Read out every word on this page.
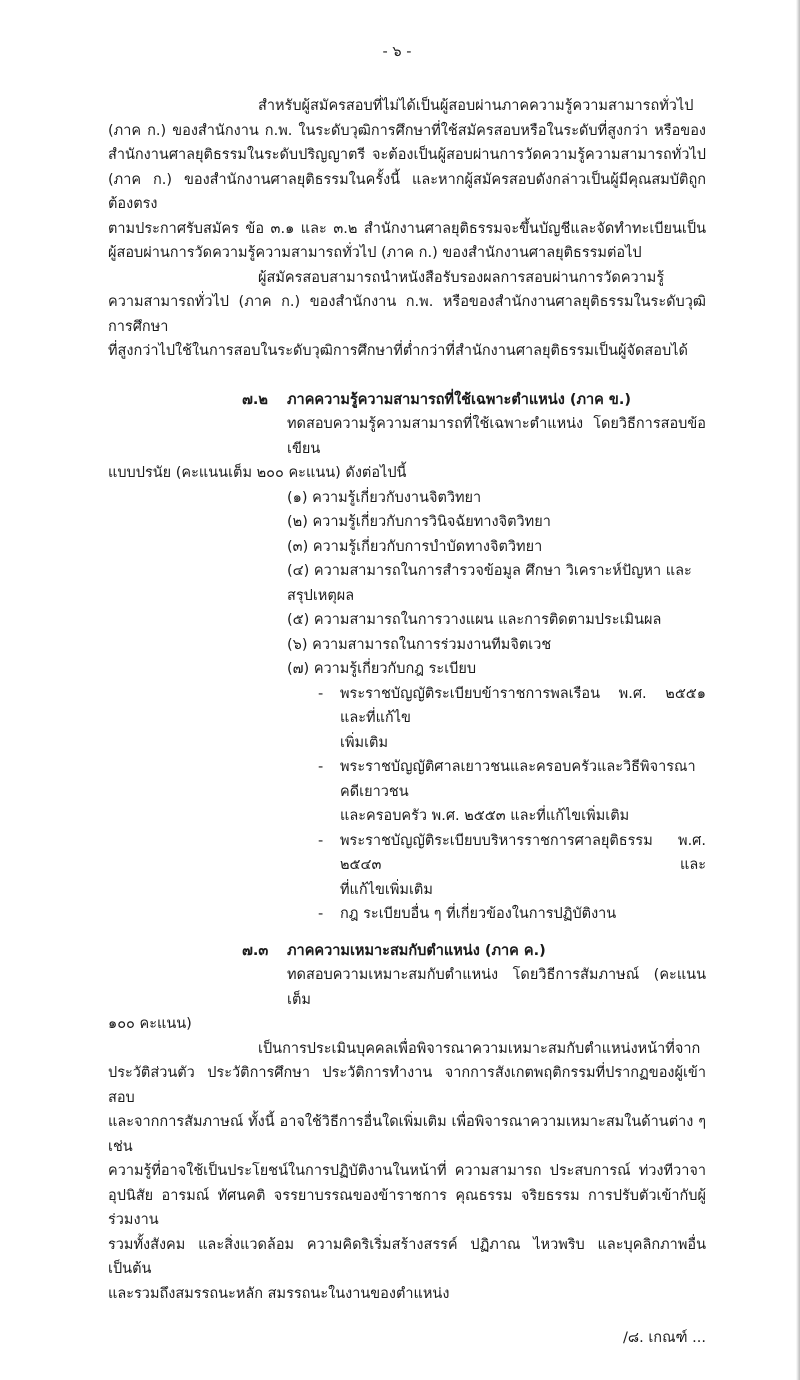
- ๖ -
สำหรับผู้สมัครสอบที่ไม่ได้เป็นผู้สอบผ่านภาคความรู้ความสามารถทั่วไป
(ภาค ก.) ของสำนักงาน ก.พ. ในระดับวุฒิการศึกษาที่ใช้สมัครสอบหรือในระดับที่สูงกว่า หรือของ
สำนักงานศาลยุติธรรมในระดับปริญญาตรี จะต้องเป็นผู้สอบผ่านการวัดความรู้ความสามารถทั่วไป
(ภาค ก.) ของสำนักงานศาลยุติธรรมในครั้งนี้ และหากผู้สมัครสอบดังกล่าวเป็นผู้มีคุณสมบัติถูกต้องตรง
ตามประกาศรับสมัคร ข้อ ๓.๑ และ ๓.๒ สำนักงานศาลยุติธรรมจะขึ้นบัญชีและจัดทำทะเบียนเป็น
ผู้สอบผ่านการวัดความรู้ความสามารถทั่วไป (ภาค ก.) ของสำนักงานศาลยุติธรรมต่อไป
ผู้สมัครสอบสามารถนำหนังสือรับรองผลการสอบผ่านการวัดความรู้
ความสามารถทั่วไป (ภาค ก.) ของสำนักงาน ก.พ. หรือของสำนักงานศาลยุติธรรมในระดับวุฒิการศึกษา
ที่สูงกว่าไปใช้ในการสอบในระดับวุฒิการศึกษาที่ต่ำกว่าที่สำนักงานศาลยุติธรรมเป็นผู้จัดสอบได้
๗.๒	ภาคความรู้ความสามารถที่ใช้เฉพาะตำแหน่ง (ภาค ข.)
ทดสอบความรู้ความสามารถที่ใช้เฉพาะตำแหน่ง โดยวิธีการสอบข้อเขียน
แบบปรนัย (คะแนนเต็ม ๒๐๐ คะแนน) ดังต่อไปนี้
(๑) ความรู้เกี่ยวกับงานจิตวิทยา
(๒) ความรู้เกี่ยวกับการวินิจฉัยทางจิตวิทยา
(๓) ความรู้เกี่ยวกับการบำบัดทางจิตวิทยา
(๔) ความสามารถในการสำรวจข้อมูล ศึกษา วิเคราะห์ปัญหา และสรุปเหตุผล
(๕) ความสามารถในการวางแผน และการติดตามประเมินผล
(๖) ความสามารถในการร่วมงานทีมจิตเวช
(๗) ความรู้เกี่ยวกับกฎ ระเบียบ
-	พระราชบัญญัติระเบียบข้าราชการพลเรือน พ.ศ. ๒๕๕๑ และที่แก้ไข
เพิ่มเติม
-	พระราชบัญญัติศาลเยาวชนและครอบครัวและวิธีพิจารณาคดีเยาวชน
และครอบครัว พ.ศ. ๒๕๕๓ และที่แก้ไขเพิ่มเติม
-	พระราชบัญญัติระเบียบบริหารราชการศาลยุติธรรม พ.ศ. ๒๕๔๓ และ
ที่แก้ไขเพิ่มเติม
-	กฎ ระเบียบอื่น ๆ ที่เกี่ยวข้องในการปฏิบัติงาน
๗.๓	ภาคความเหมาะสมกับตำแหน่ง (ภาค ค.)
ทดสอบความเหมาะสมกับตำแหน่ง โดยวิธีการสัมภาษณ์ (คะแนนเต็ม
๑๐๐ คะแนน)
เป็นการประเมินบุคคลเพื่อพิจารณาความเหมาะสมกับตำแหน่งหน้าที่จาก
ประวัติส่วนตัว ประวัติการศึกษา ประวัติการทำงาน จากการสังเกตพฤติกรรมที่ปรากฏของผู้เข้าสอบ
และจากการสัมภาษณ์ ทั้งนี้ อาจใช้วิธีการอื่นใดเพิ่มเติม เพื่อพิจารณาความเหมาะสมในด้านต่าง ๆ เช่น
ความรู้ที่อาจใช้เป็นประโยชน์ในการปฏิบัติงานในหน้าที่ ความสามารถ ประสบการณ์ ท่วงทีวาจา
อุปนิสัย อารมณ์ ทัศนคติ จรรยาบรรณของข้าราชการ คุณธรรม จริยธรรม การปรับตัวเข้ากับผู้ร่วมงาน
รวมทั้งสังคม และสิ่งแวดล้อม ความคิดริเริ่มสร้างสรรค์ ปฏิภาณ ไหวพริบ และบุคลิกภาพอื่น เป็นต้น
และรวมถึงสมรรถนะหลัก สมรรถนะในงานของตำแหน่ง
/๘. เกณฑ์ ...
